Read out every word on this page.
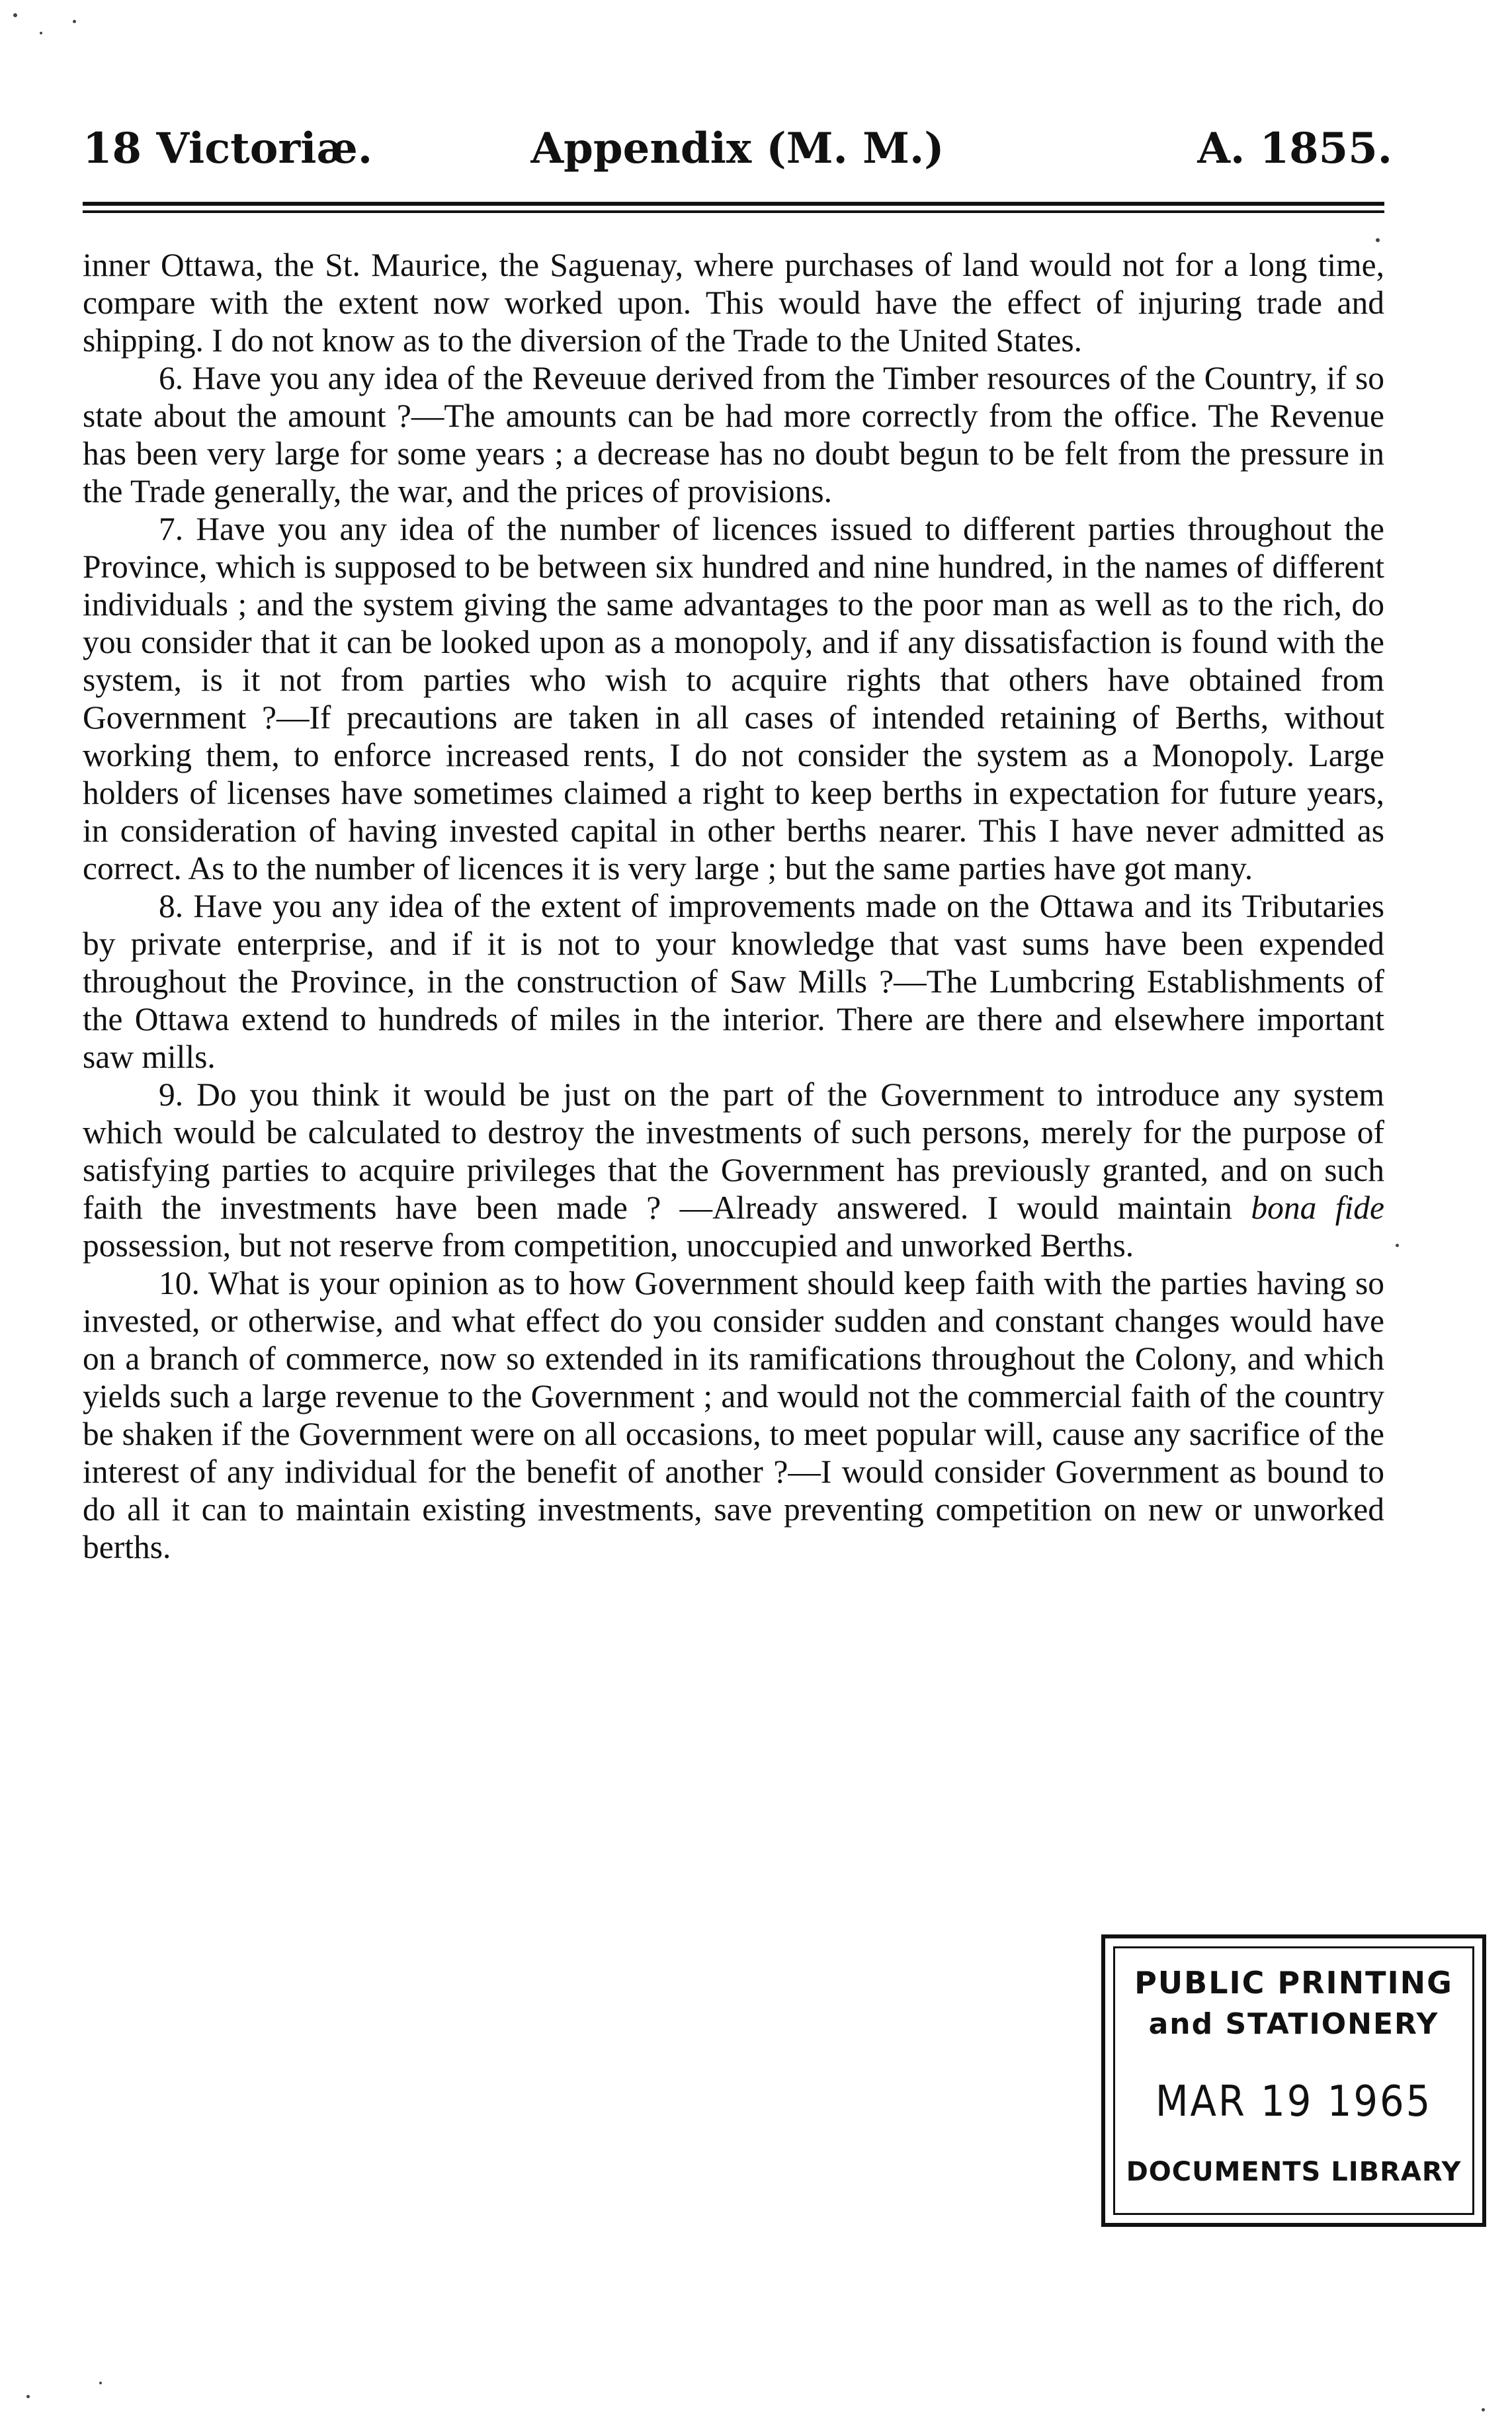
18 Victoriæ.	Appendix (M. M.)	A. 1855.

inner Ottawa, the St. Maurice, the Saguenay, where purchases of land would not for a long time, compare with the extent now worked upon. This would have the effect of injuring trade and shipping. I do not know as to the diversion of the Trade to the United States.

6. Have you any idea of the Reveuue derived from the Timber resources of the Country, if so state about the amount ?—The amounts can be had more correctly from the office. The Revenue has been very large for some years ; a decrease has no doubt begun to be felt from the pressure in the Trade generally, the war, and the prices of provisions.

7. Have you any idea of the number of licences issued to different parties throughout the Province, which is supposed to be between six hundred and nine hundred, in the names of different individuals ; and the system giving the same advantages to the poor man as well as to the rich, do you consider that it can be looked upon as a monopoly, and if any dissatisfaction is found with the system, is it not from parties who wish to acquire rights that others have obtained from Government ?—If precautions are taken in all cases of intended retaining of Berths, without working them, to enforce increased rents, I do not consider the system as a Monopoly. Large holders of licenses have sometimes claimed a right to keep berths in expectation for future years, in consideration of having invested capital in other berths nearer. This I have never admitted as correct. As to the number of licences it is very large ; but the same parties have got many.

8. Have you any idea of the extent of improvements made on the Ottawa and its Tributaries by private enterprise, and if it is not to your knowledge that vast sums have been expended throughout the Province, in the construction of Saw Mills ?—The Lumbcring Establishments of the Ottawa extend to hundreds of miles in the interior. There are there and elsewhere important saw mills.

9. Do you think it would be just on the part of the Government to introduce any system which would be calculated to destroy the investments of such persons, merely for the purpose of satisfying parties to acquire privileges that the Government has previously granted, and on such faith the investments have been made ? —Already answered. I would maintain bona fide possession, but not reserve from competition, unoccupied and unworked Berths.

10. What is your opinion as to how Government should keep faith with the parties having so invested, or otherwise, and what effect do you consider sudden and constant changes would have on a branch of commerce, now so extended in its ramifications throughout the Colony, and which yields such a large revenue to the Government ; and would not the commercial faith of the country be shaken if the Government were on all occasions, to meet popular will, cause any sacrifice of the interest of any individual for the benefit of another ?—I would consider Government as bound to do all it can to maintain existing investments, save preventing competition on new or unworked berths.

PUBLIC PRINTING
and STATIONERY
MAR 19 1965
DOCUMENTS LIBRARY
